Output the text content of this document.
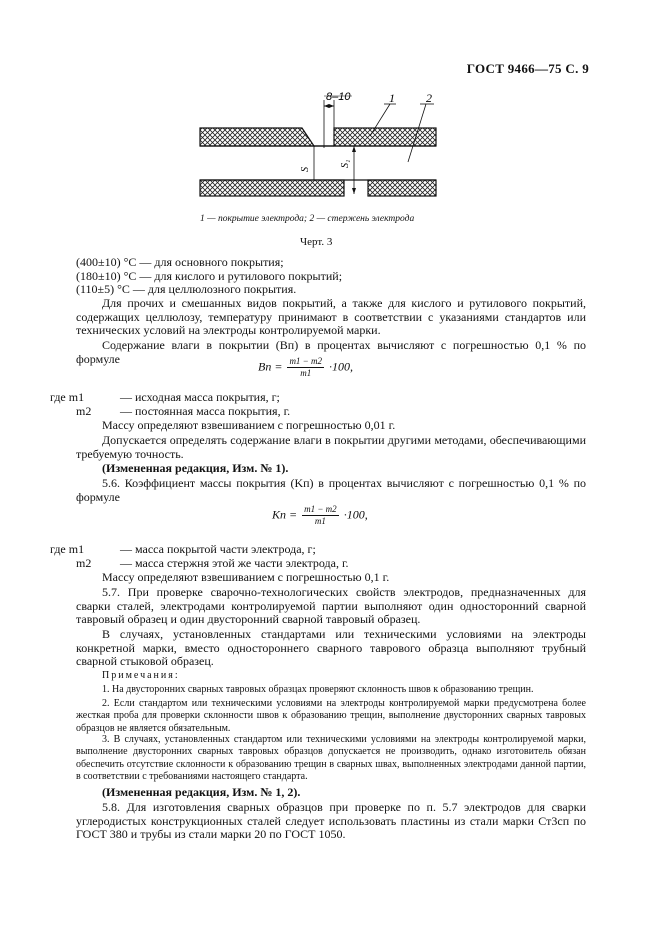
ГОСТ 9466—75 С. 9
8–10	1	2
S
S₁
1 — покрытие электрода; 2 — стержень электрода
Черт. 3
(400±10) °С — для основного покрытия;
(180±10) °С — для кислого и рутилового покрытий;
(110±5) °С — для целлюлозного покрытия.
Для прочих и смешанных видов покрытий, а также для кислого и рутилового покрытий, содержащих целлюлозу, температуру принимают в соответствии с указаниями стандартов или технических условий на электроды контролируемой марки.
Содержание влаги в покрытии (Bп) в процентах вычисляют с погрешностью 0,1 % по формуле
Bп = $\frac{m1 - m2}{m1} \cdot 100$,
где m1	— исходная масса покрытия, г;
m2 — постоянная масса покрытия, г.
Массу определяют взвешиванием с погрешностью 0,01 г.
Допускается определять содержание влаги в покрытии другими методами, обеспечивающими требуемую точность.
(Измененная редакция, Изм. № 1).
5.6. Коэффициент массы покрытия (Kп) в процентах вычисляют с погрешностью 0,1 % по формуле
Kп = $\frac{m1 - m2}{m1} \cdot 100$,
где m1	— масса покрытой части электрода, г;
m2 — масса стержня этой же части электрода, г.
Массу определяют взвешиванием с погрешностью 0,1 г.
5.7. При проверке сварочно-технологических свойств электродов, предназначенных для сварки сталей, электродами контролируемой партии выполняют один односторонний сварной тавровый образец и один двусторонний сварной тавровый образец.
В случаях, установленных стандартами или техническими условиями на электроды конкретной марки, вместо одностороннего сварного таврового образца выполняют трубный сварной стыковой образец.
Примечания:
1. На двусторонних сварных тавровых образцах проверяют склонность швов к образованию трещин.
2. Если стандартом или техническими условиями на электроды контролируемой марки предусмотрена более жесткая проба для проверки склонности швов к образованию трещин, выполнение двусторонних сварных тавровых образцов не является обязательным.
3. В случаях, установленных стандартом или техническими условиями на электроды контролируемой марки, выполнение двусторонних сварных тавровых образцов допускается не производить, однако изготовитель обязан обеспечить отсутствие склонности к образованию трещин в сварных швах, выполненных электродами данной партии, в соответствии с требованиями настоящего стандарта.
(Измененная редакция, Изм. № 1, 2).
5.8. Для изготовления сварных образцов при проверке по п. 5.7 электродов для сварки углеродистых конструкционных сталей следует использовать пластины из стали марки Ст3сп по ГОСТ 380 и трубы из стали марки 20 по ГОСТ 1050.
